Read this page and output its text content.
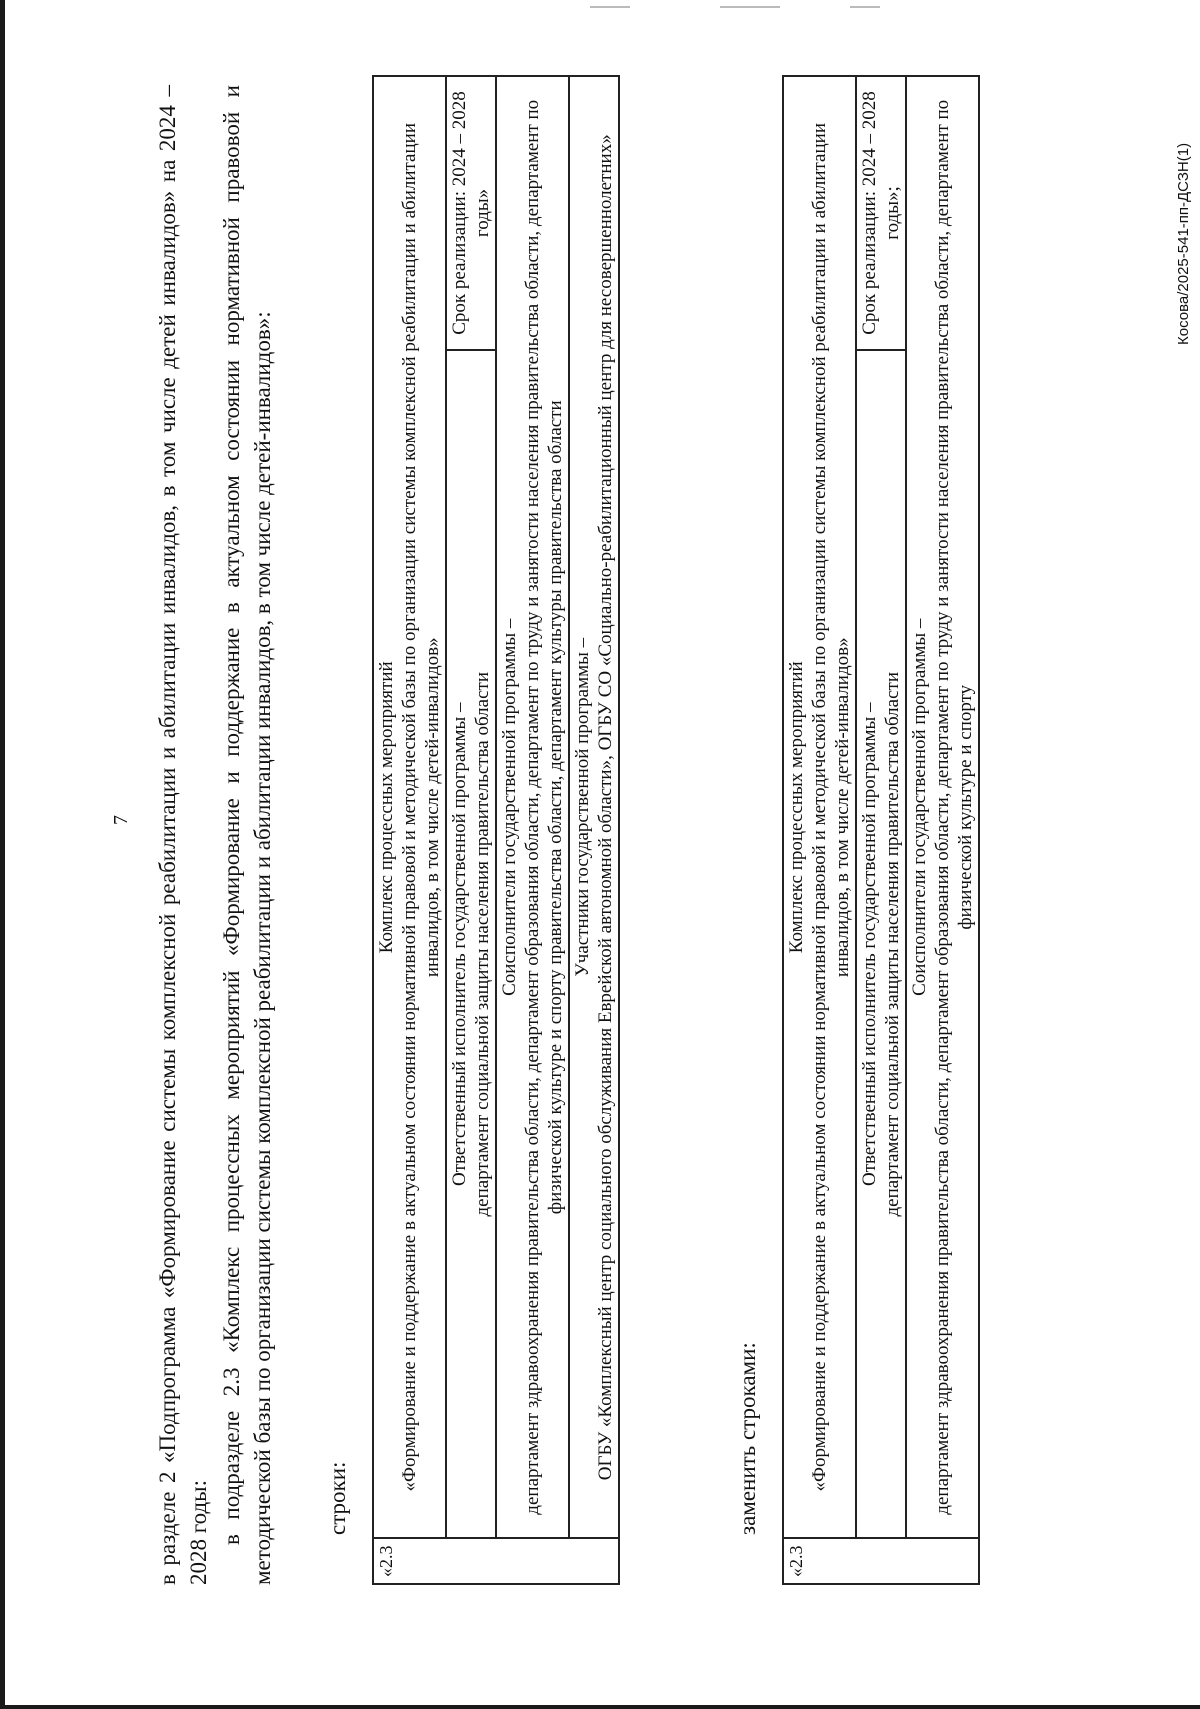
7 в разделе 2 «Подпрограмма «Формирование системы комплексной реабилитации и абилитации инвалидов, в том числе детей инвалидов» на 2024 – 2028 годы: в подразделе 2.3 «Комплекс процессных мероприятий «Формирование и поддержание в актуальном состоянии нормативной правовой и методической базы по организации системы комплексной реабилитации и абилитации инвалидов, в том числе детей-инвалидов»: строки:
«2.3	Комплекс процессных мероприятий «Формирование и поддержание в актуальном состоянии нормативной правовой и методической базы по организации системы комплексной реабилитации и абилитации инвалидов, в том числе детей-инвалидов»	

	Ответственный исполнитель государственной программы – департамент социальной защиты населения правительства области	Срок реализации: 2024 – 2028 годы»

	Соисполнители государственной программы – департамент здравоохранения правительства области, департамент образования области, департамент по труду и занятости населения правительства области, департамент по физической культуре и спорту правительства области, департамент культуры правительства области	

	Участники государственной программы – ОГБУ «Комплексный центр социального обслуживания Еврейской автономной области», ОГБУ СО «Социально-реабилитационный центр для несовершеннолетних»		заменить строками:
«2.3	Комплекс процессных мероприятий «Формирование и поддержание в актуальном состоянии нормативной правовой и методической базы по организации системы комплексной реабилитации и абилитации инвалидов, в том числе детей-инвалидов»	

	Ответственный исполнитель государственной программы – департамент социальной защиты населения правительства области	Срок реализации: 2024 – 2028 годы»;

	Соисполнители государственной программы – департамент здравоохранения правительства области, департамент образования области, департамент по труду и занятости населения правительства области, департамент по физической культуре и спорту	
Косова/2025-541-пп-ДСЗН(1)
